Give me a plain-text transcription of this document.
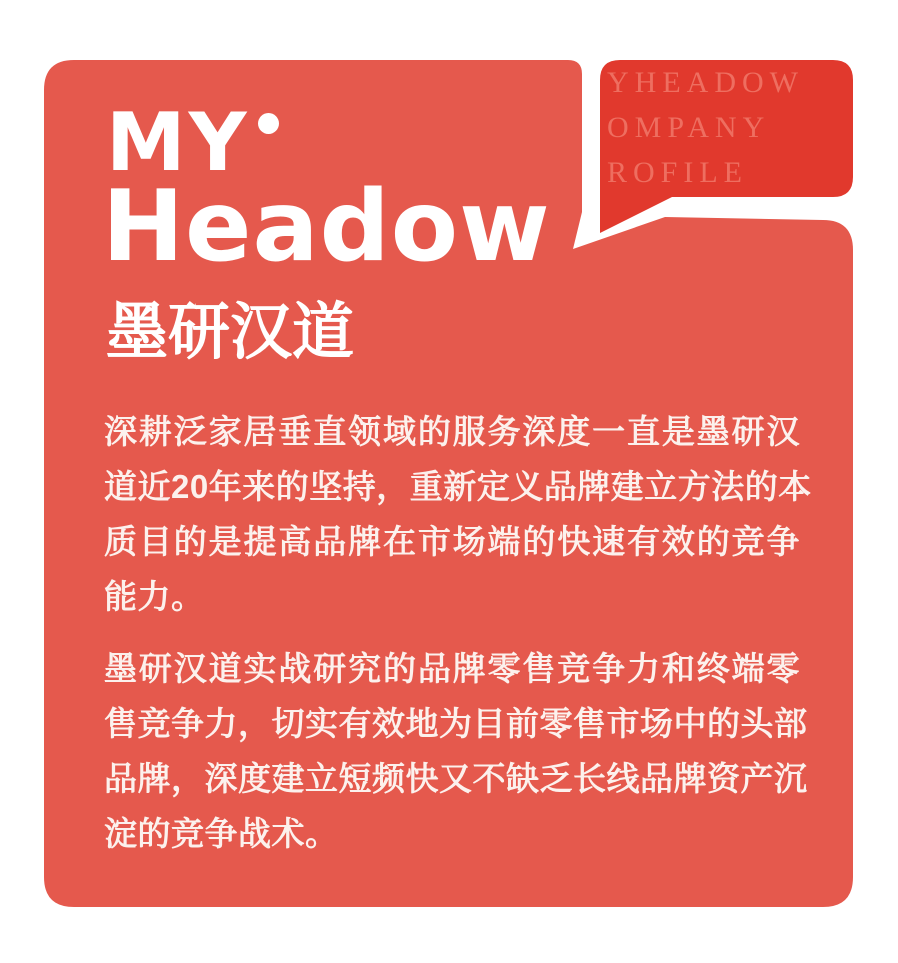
MY
Headow
墨研汉道

深耕泛家居垂直领域的服务深度一直是墨研汉
道近20年来的坚持，重新定义品牌建立方法的本
质目的是提高品牌在市场端的快速有效的竞争
能力。

墨研汉道实战研究的品牌零售竞争力和终端零
售竞争力，切实有效地为目前零售市场中的头部
品牌，深度建立短频快又不缺乏长线品牌资产沉
淀的竞争战术。

YHEADOW
OMPANY
ROFILE
